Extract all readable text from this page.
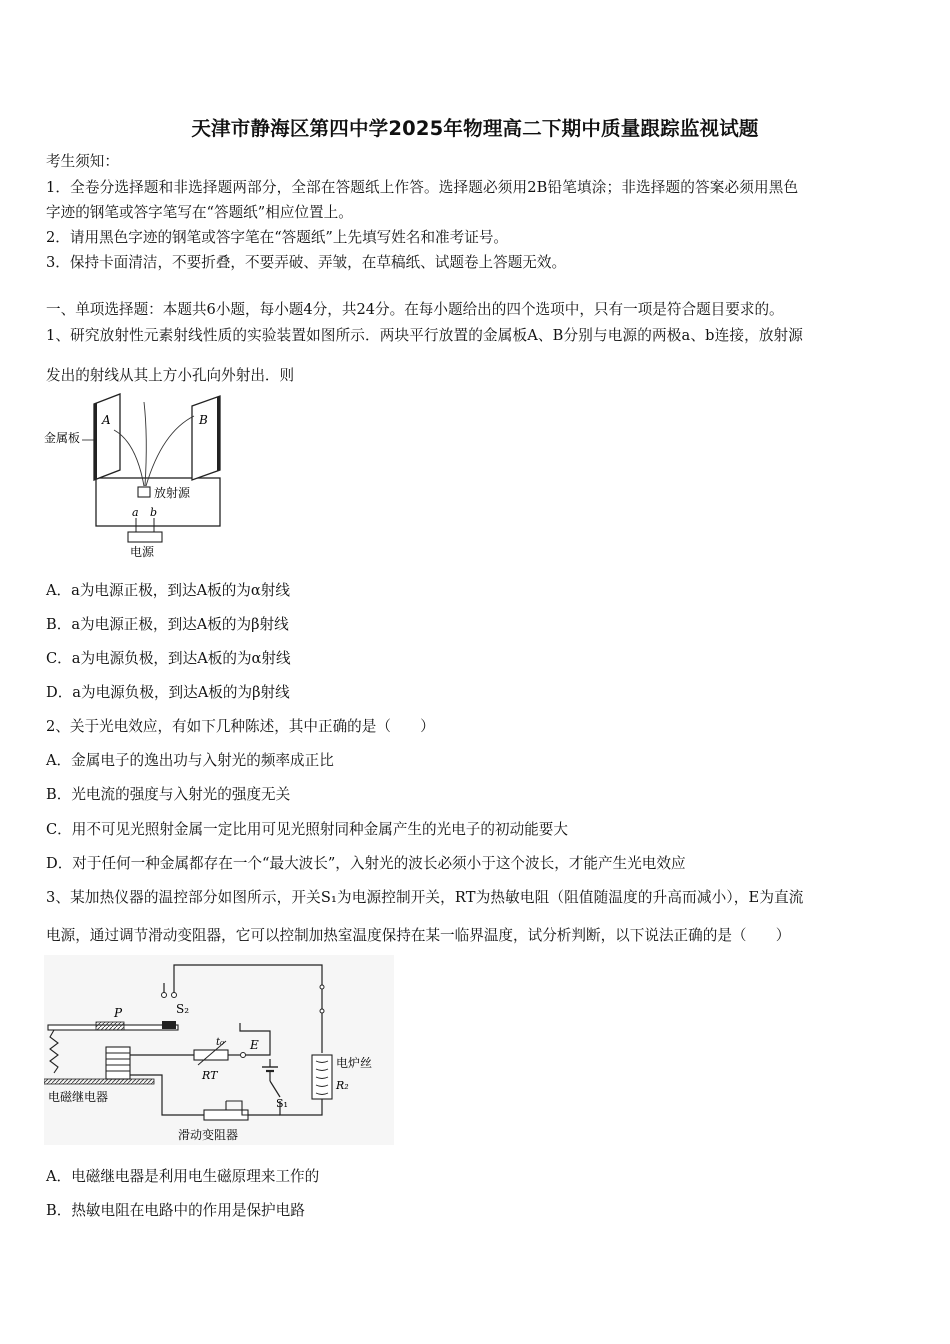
天津市静海区第四中学2025年物理高二下期中质量跟踪监视试题
考生须知：
1．全卷分选择题和非选择题两部分，全部在答题纸上作答。选择题必须用2B铅笔填涂；非选择题的答案必须用黑色
字迹的钢笔或答字笔写在“答题纸”相应位置上。
2．请用黑色字迹的钢笔或答字笔在“答题纸”上先填写姓名和准考证号。
3．保持卡面清洁，不要折叠，不要弄破、弄皱，在草稿纸、试题卷上答题无效。
一、单项选择题：本题共6小题，每小题4分，共24分。在每小题给出的四个选项中，只有一项是符合题目要求的。
1、研究放射性元素射线性质的实验装置如图所示．两块平行放置的金属板A、B分别与电源的两极a、b连接，放射源
发出的射线从其上方小孔向外射出．则
A	B
金属板
放射源
a b
电源
A．a为电源正极，到达A板的为α射线
B．a为电源正极，到达A板的为β射线
C．a为电源负极，到达A板的为α射线
D．a为电源负极，到达A板的为β射线
2、关于光电效应，有如下几种陈述，其中正确的是（　　）
A．金属电子的逸出功与入射光的频率成正比
B．光电流的强度与入射光的强度无关
C．用不可见光照射金属一定比用可见光照射同种金属产生的光电子的初动能要大
D．对于任何一种金属都存在一个“最大波长”，入射光的波长必须小于这个波长，才能产生光电效应
3、某加热仪器的温控部分如图所示，开关S₁为电源控制开关，RT为热敏电阻（阻值随温度的升高而减小），E为直流
电源，通过调节滑动变阻器，它可以控制加热室温度保持在某一临界温度，试分析判断，以下说法正确的是（　　）
S₂
P
电磁继电器
t₀
RT
E
S₁
电炉丝
R₂
滑动变阻器
A．电磁继电器是利用电生磁原理来工作的
B．热敏电阻在电路中的作用是保护电路
